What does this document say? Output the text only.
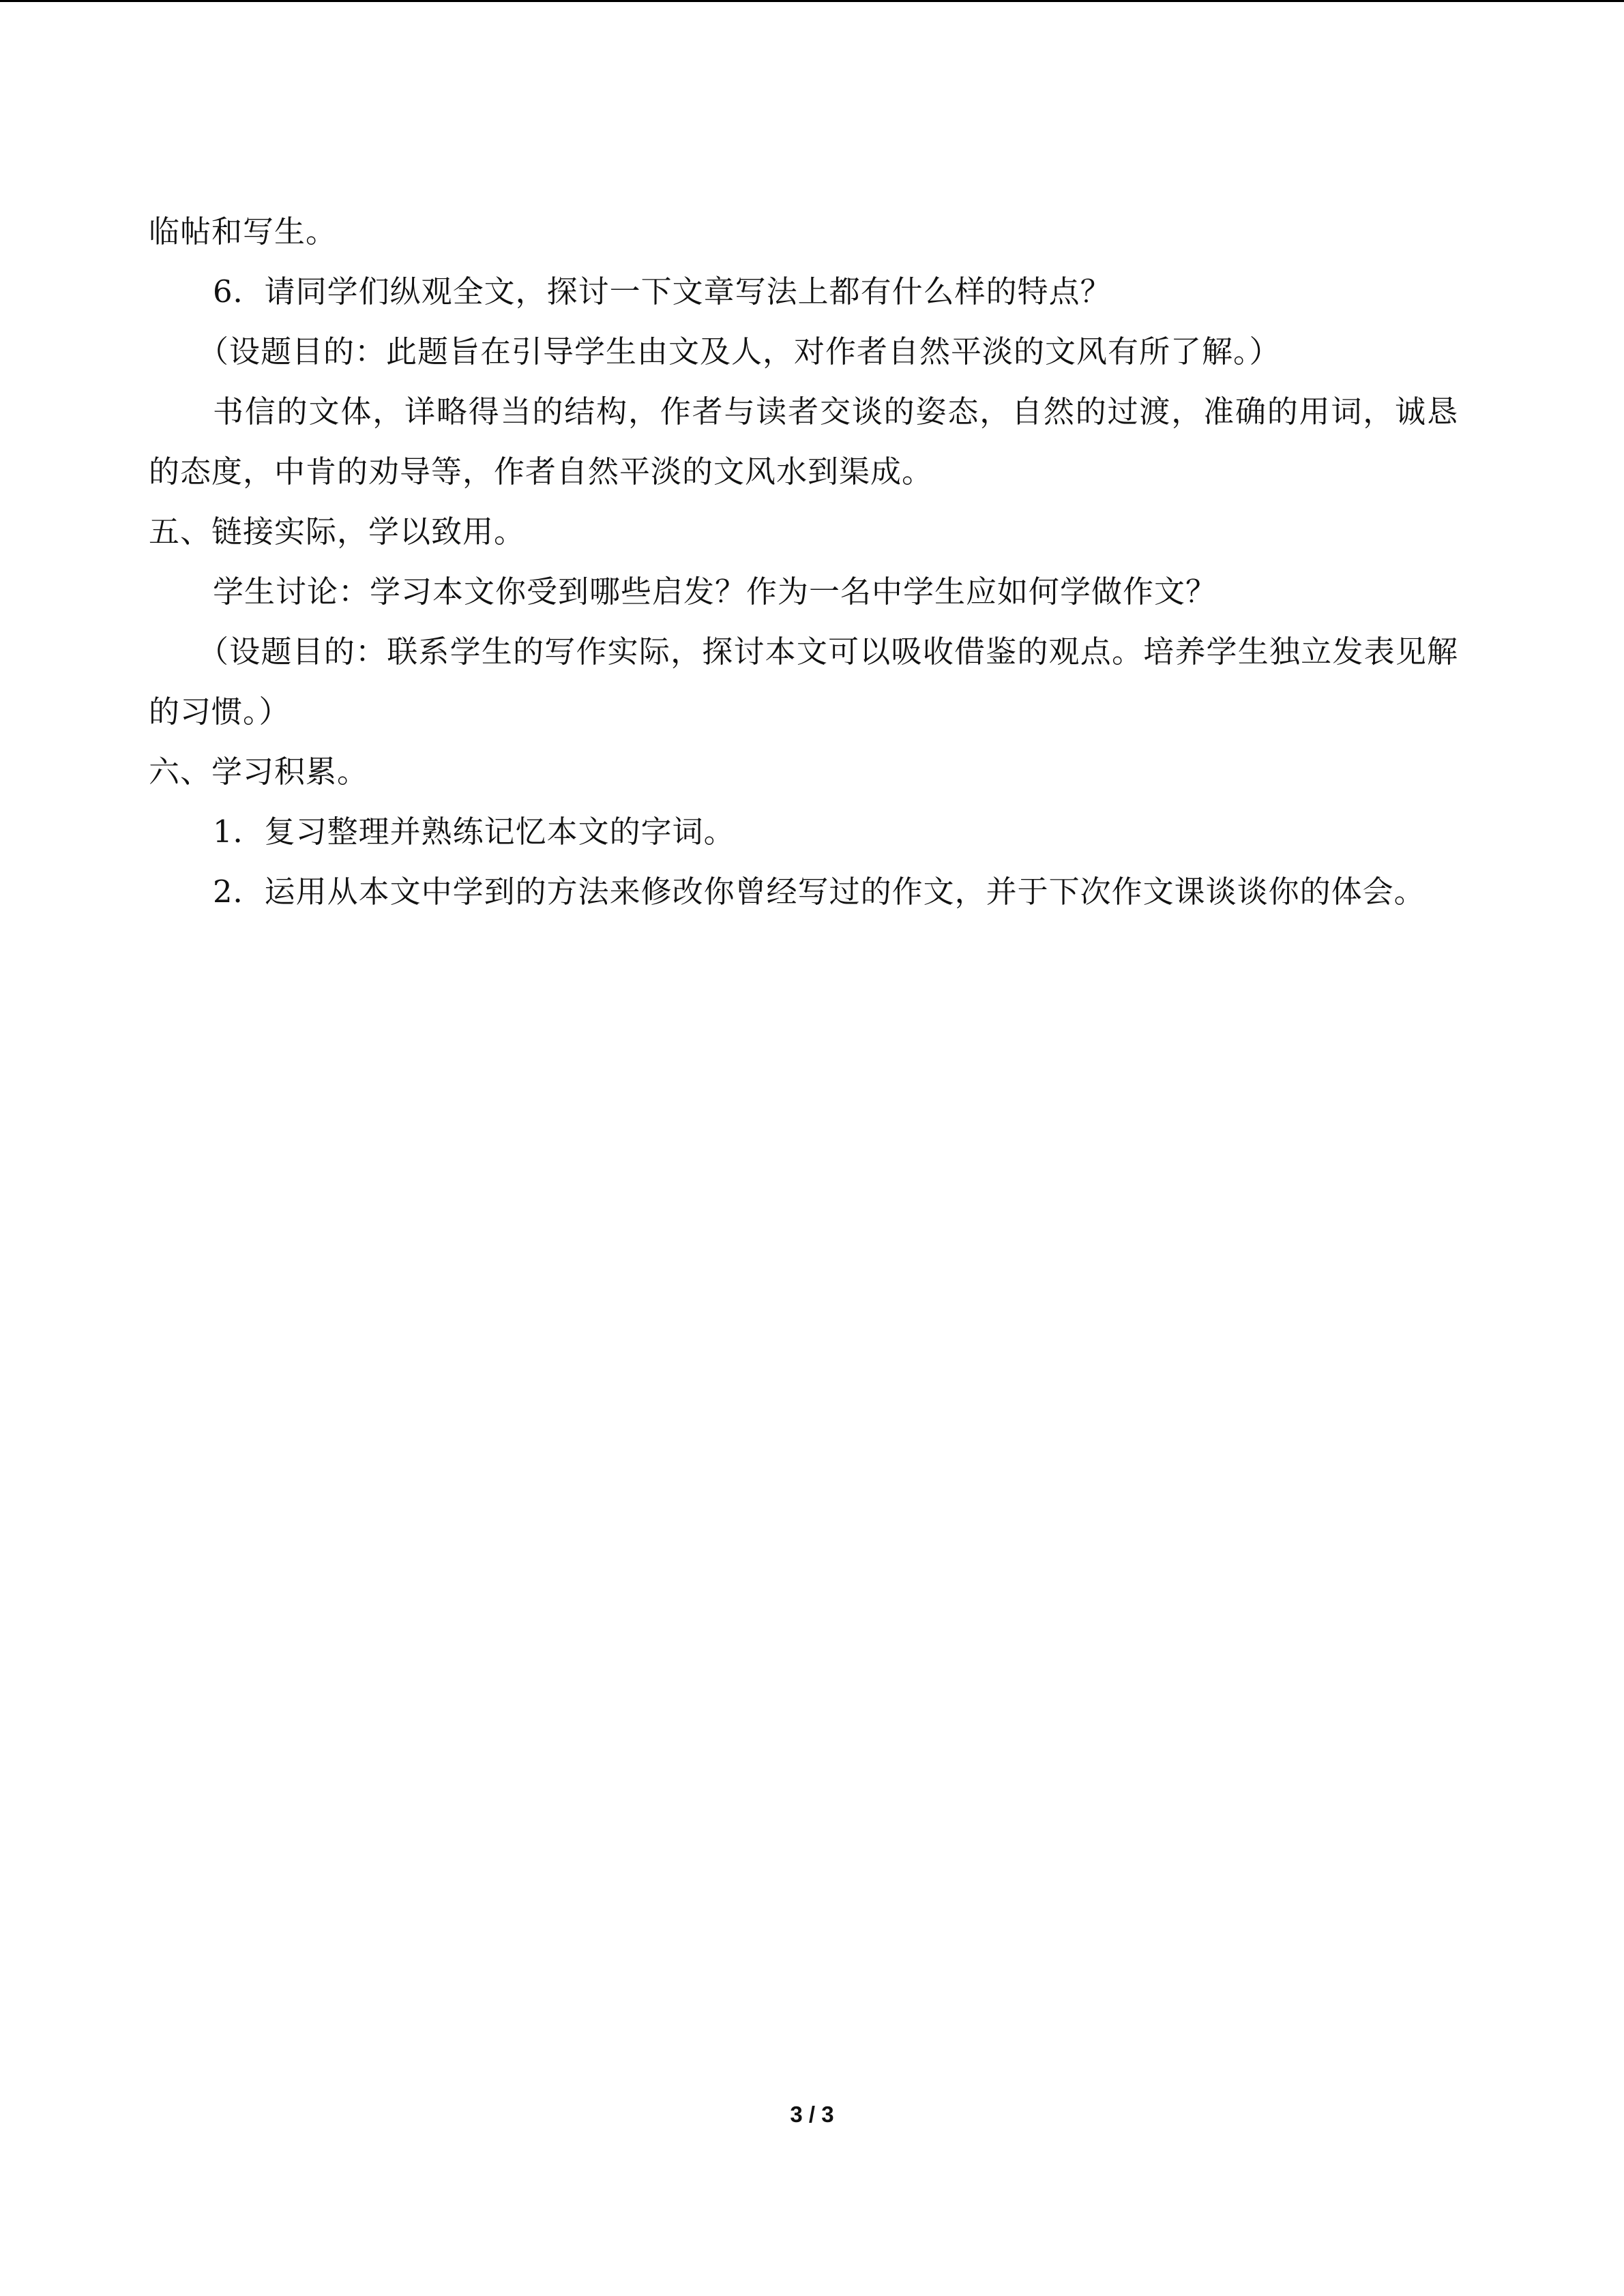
临帖和写生。
6．请同学们纵观全文，探讨一下文章写法上都有什么样的特点？
（设题目的：此题旨在引导学生由文及人，对作者自然平淡的文风有所了解。）
书信的文体，详略得当的结构，作者与读者交谈的姿态，自然的过渡，准确的用词，诚恳的态度，中肯的劝导等，作者自然平淡的文风水到渠成。
五、链接实际，学以致用。
学生讨论：学习本文你受到哪些启发？作为一名中学生应如何学做作文？
（设题目的：联系学生的写作实际，探讨本文可以吸收借鉴的观点。培养学生独立发表见解的习惯。）
六、学习积累。
1．复习整理并熟练记忆本文的字词。
2．运用从本文中学到的方法来修改你曾经写过的作文，并于下次作文课谈谈你的体会。
3 / 3
